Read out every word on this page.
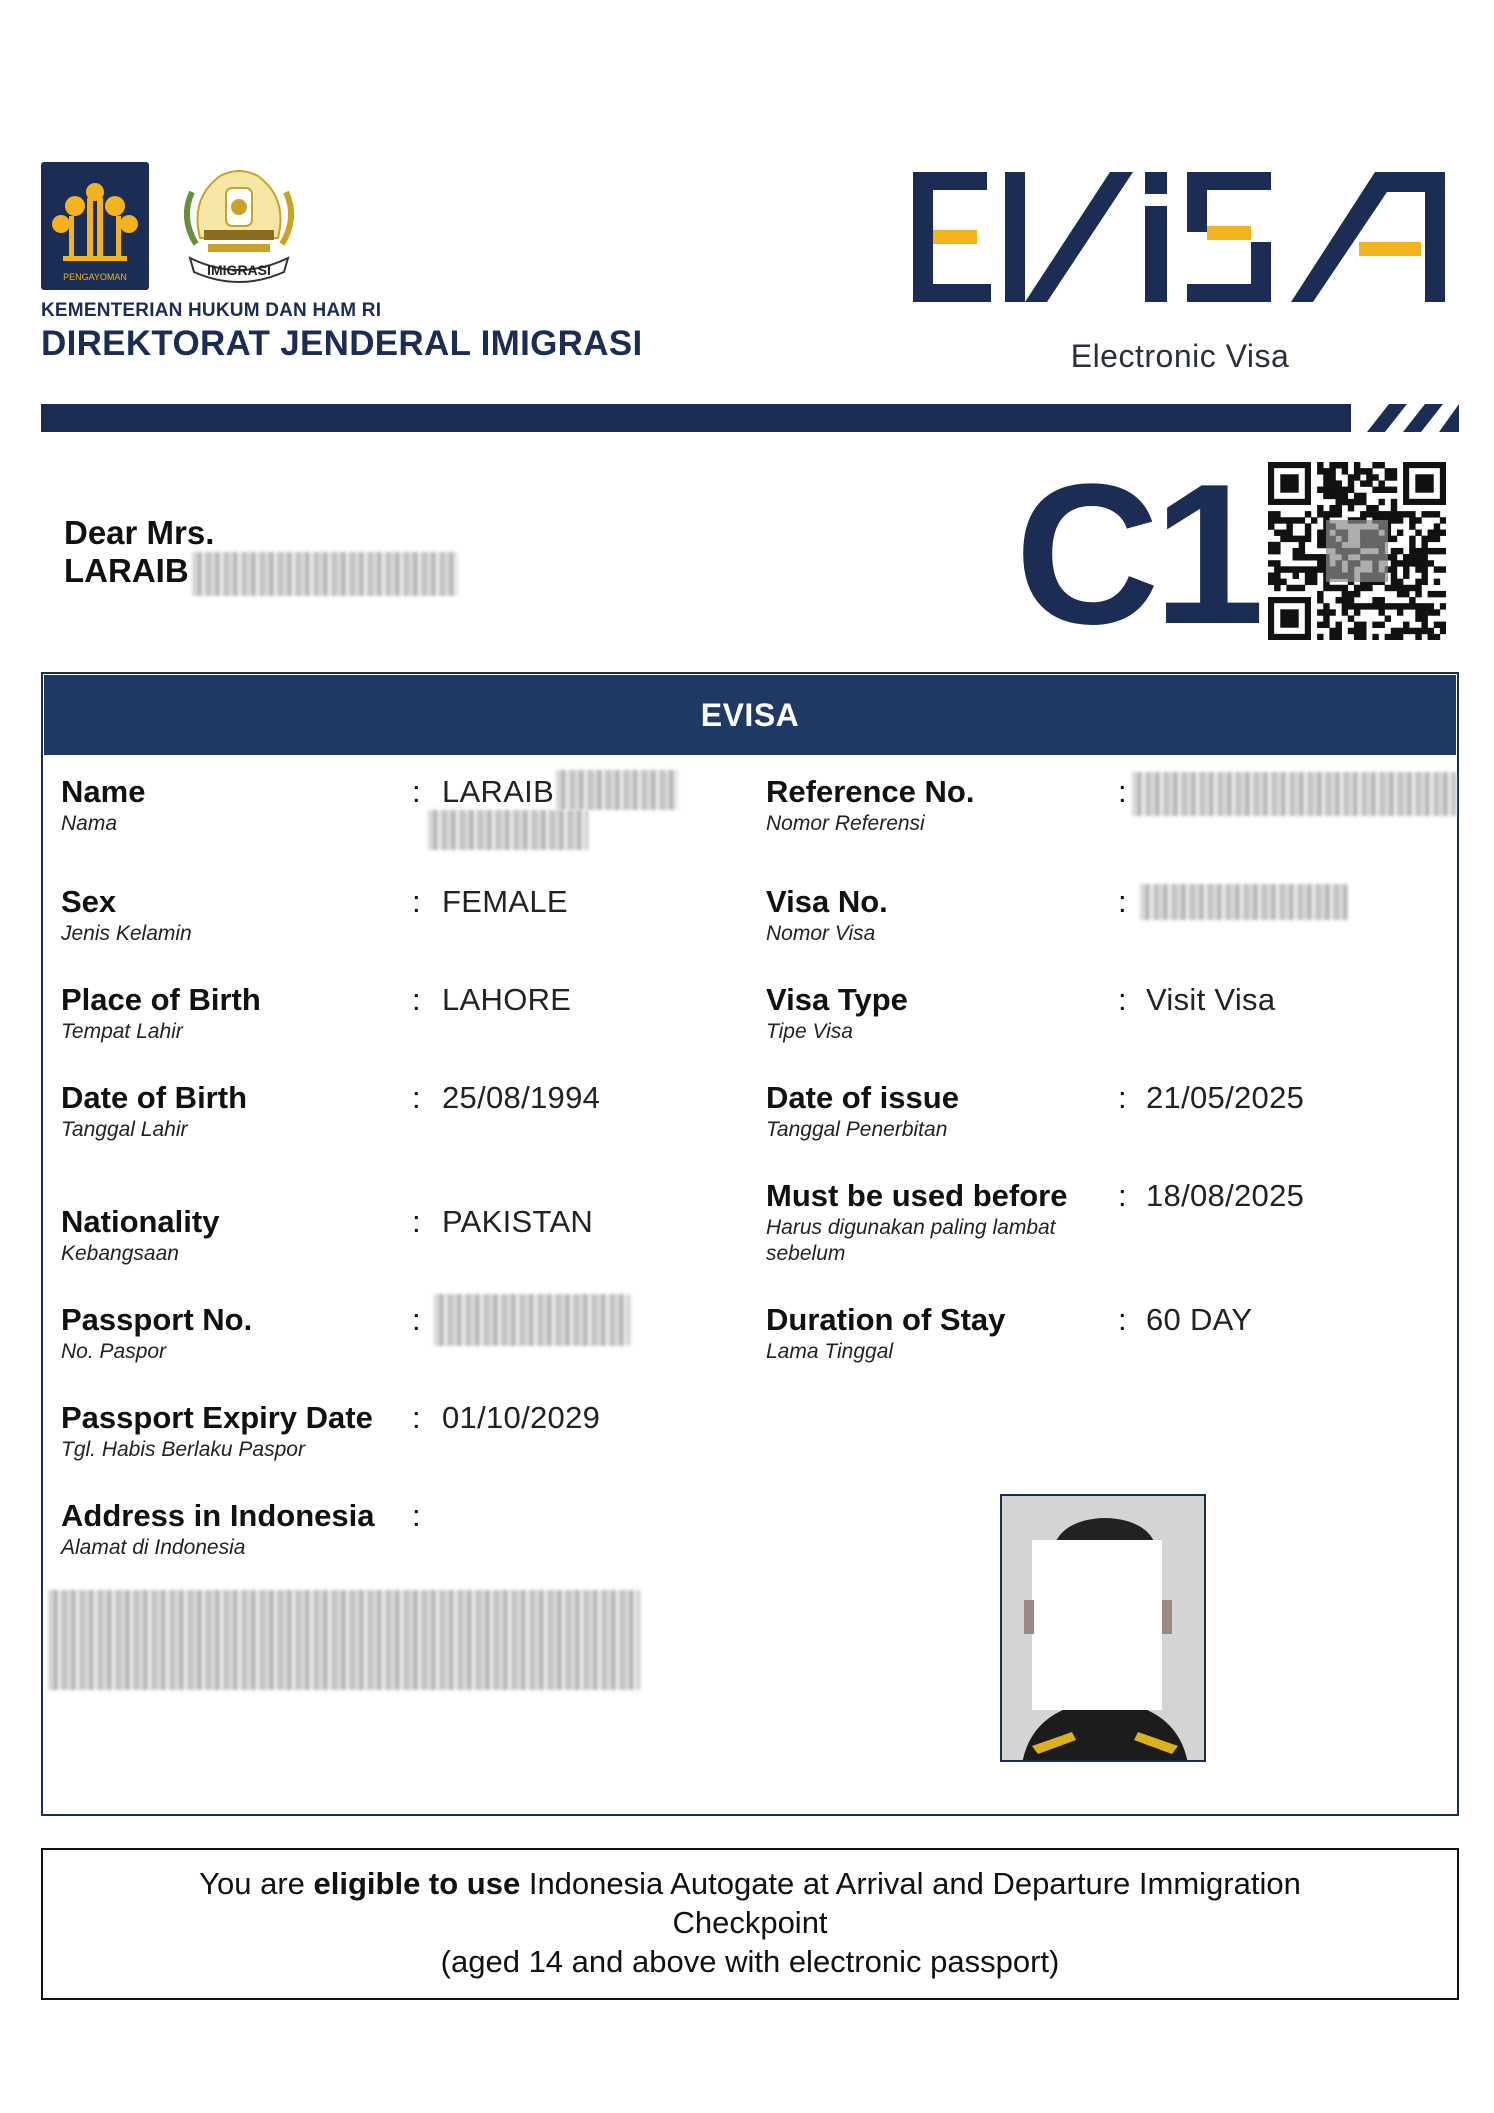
PENGAYOMAN	IMIGRASI
KEMENTERIAN HUKUM DAN HAM RI
DIREKTORAT JENDERAL IMIGRASI	Electronic Visa
Dear Mrs.
LARAIB	C1
EVISA
Name
Nama
: LARAIB
Sex
Jenis Kelamin
: FEMALE
Place of Birth
Tempat Lahir
: LAHORE
Date of Birth
Tanggal Lahir
: 25/08/1994
Nationality
Kebangsaan
: PAKISTAN
Passport No.
No. Paspor
:
Passport Expiry Date
Tgl. Habis Berlaku Paspor
: 01/10/2029
Address in Indonesia
Alamat di Indonesia
:
Reference No.
Nomor Referensi
:
Visa No.
Nomor Visa
:
Visa Type
Tipe Visa
: Visit Visa
Date of issue
Tanggal Penerbitan
: 21/05/2025
Must be used before
Harus digunakan paling lambat
sebelum
: 18/08/2025
Duration of Stay
Lama Tinggal
: 60 DAY
You are eligible to use Indonesia Autogate at Arrival and Departure Immigration
Checkpoint
(aged 14 and above with electronic passport)
